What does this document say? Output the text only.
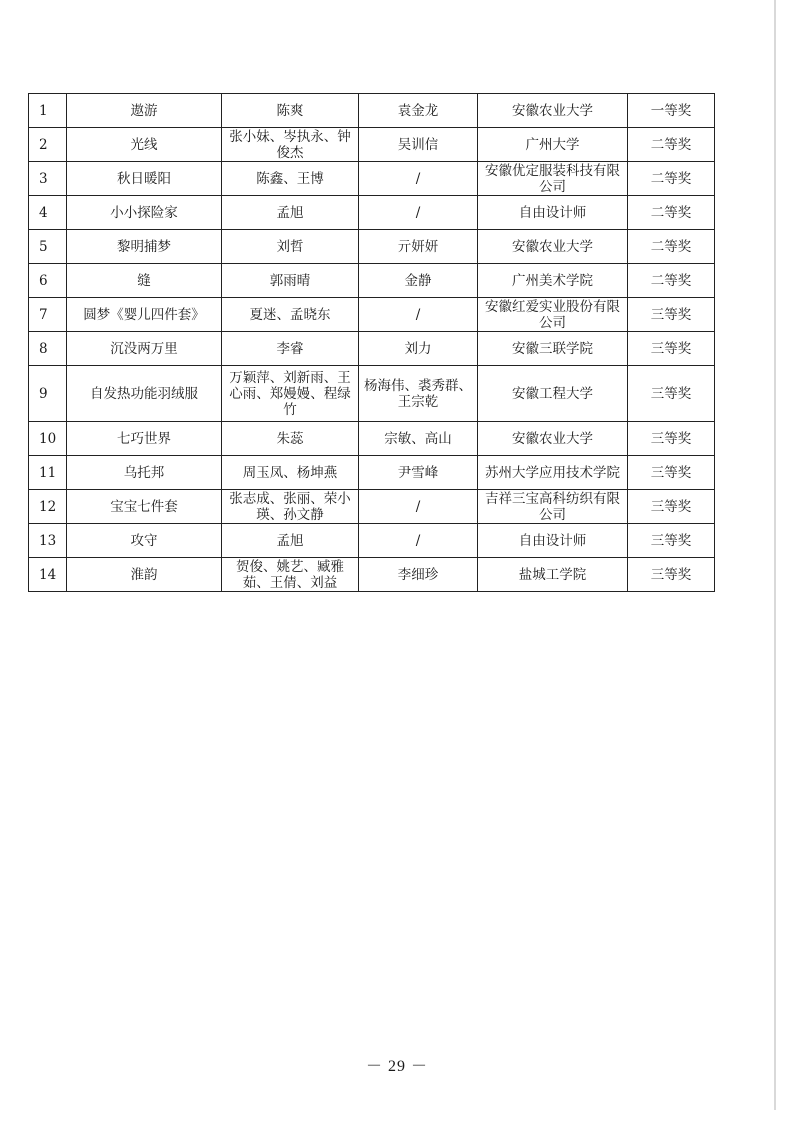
1	遨游	陈爽	袁金龙	安徽农业大学	一等奖
2	光线	张小妹、岑执永、钟俊杰	吴训信	广州大学	二等奖
3	秋日暖阳	陈鑫、王博	/	安徽优定服装科技有限公司	二等奖
4	小小探险家	孟旭	/	自由设计师	二等奖
5	黎明捕梦	刘哲	亓妍妍	安徽农业大学	二等奖
6	缝	郭雨晴	金静	广州美术学院	二等奖
7	圆梦《婴儿四件套》	夏迷、孟晓东	/	安徽红爱实业股份有限公司	三等奖
8	沉没两万里	李睿	刘力	安徽三联学院	三等奖
9	自发热功能羽绒服	万颖萍、刘新雨、王心雨、郑嫚嫚、程绿竹	杨海伟、裘秀群、王宗乾	安徽工程大学	三等奖
10	七巧世界	朱蕊	宗敏、高山	安徽农业大学	三等奖
11	乌托邦	周玉凤、杨坤燕	尹雪峰	苏州大学应用技术学院	三等奖
12	宝宝七件套	张志成、张丽、荣小瑛、孙文静	/	吉祥三宝高科纺织有限公司	三等奖
13	攻守	孟旭	/	自由设计师	三等奖
14	淮韵	贺俊、姚艺、臧雅茹、王倩、刘益	李细珍	盐城工学院	三等奖
－ 29 －
